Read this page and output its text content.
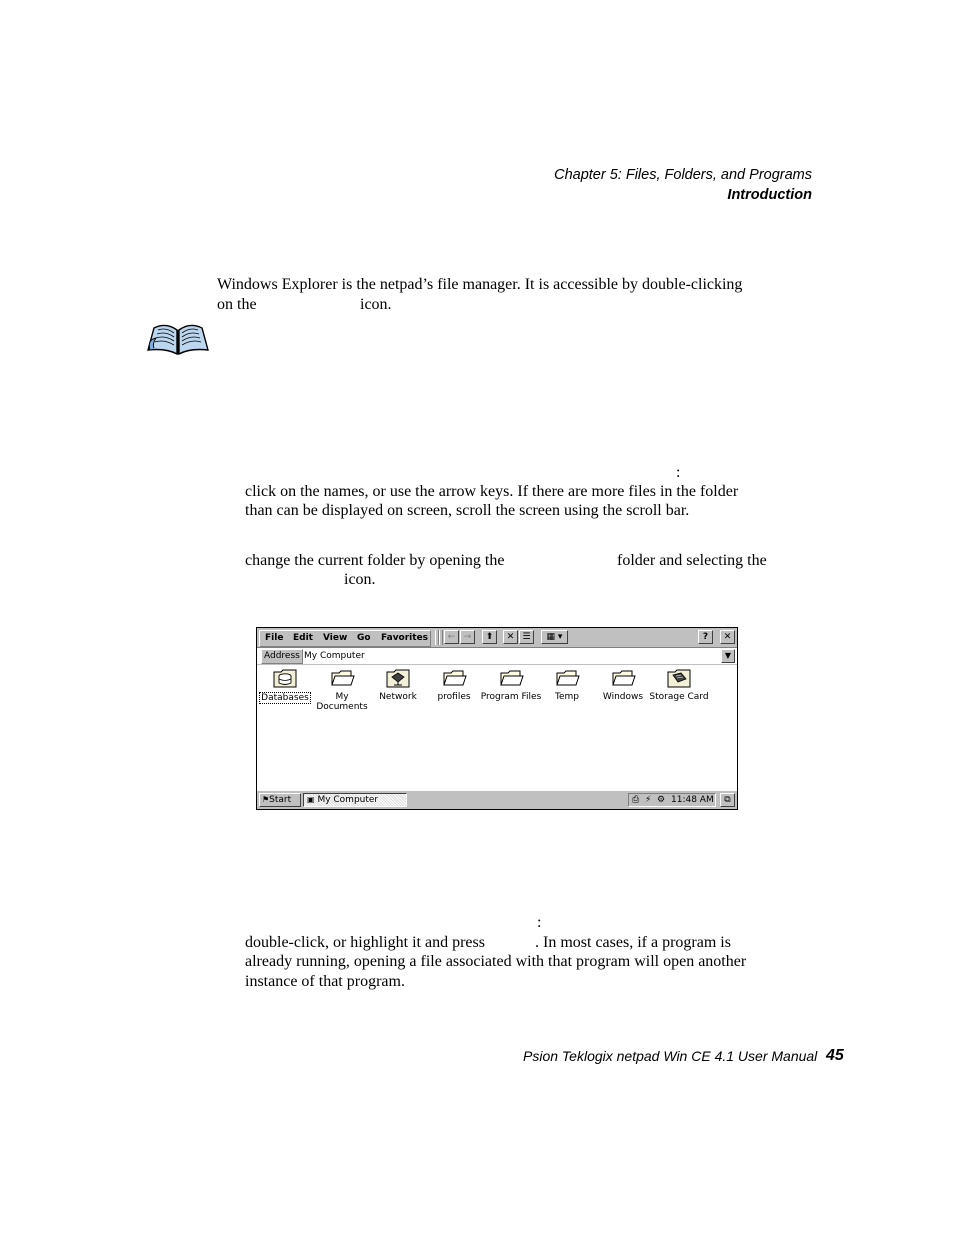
Chapter 5: Files, Folders, and Programs
Introduction
Windows Explorer is the netpad’s file manager. It is accessible by double-clicking
on the	icon.
:
click on the names, or use the arrow keys. If there are more files in the folder
than can be displayed on screen, scroll the screen using the scroll bar.
change the current folder by opening the	folder and selecting the
icon.
File Edit View Go Favorites	← →	⬆	✕ ☰	▦ ▾	?	✕
Address My Computer	▼
Databases	My Documents
Network	profiles	Program Files	Temp	Windows Storage Card
⚑Start	▣ My Computer	⎙ ⚡ ⚙ 11:48 AM	⧉
:
double-click, or highlight it and press	. In most cases, if a program is
already running, opening a file associated with that program will open another
instance of that program.
Psion Teklogix netpad Win CE 4.1 User Manual 45
